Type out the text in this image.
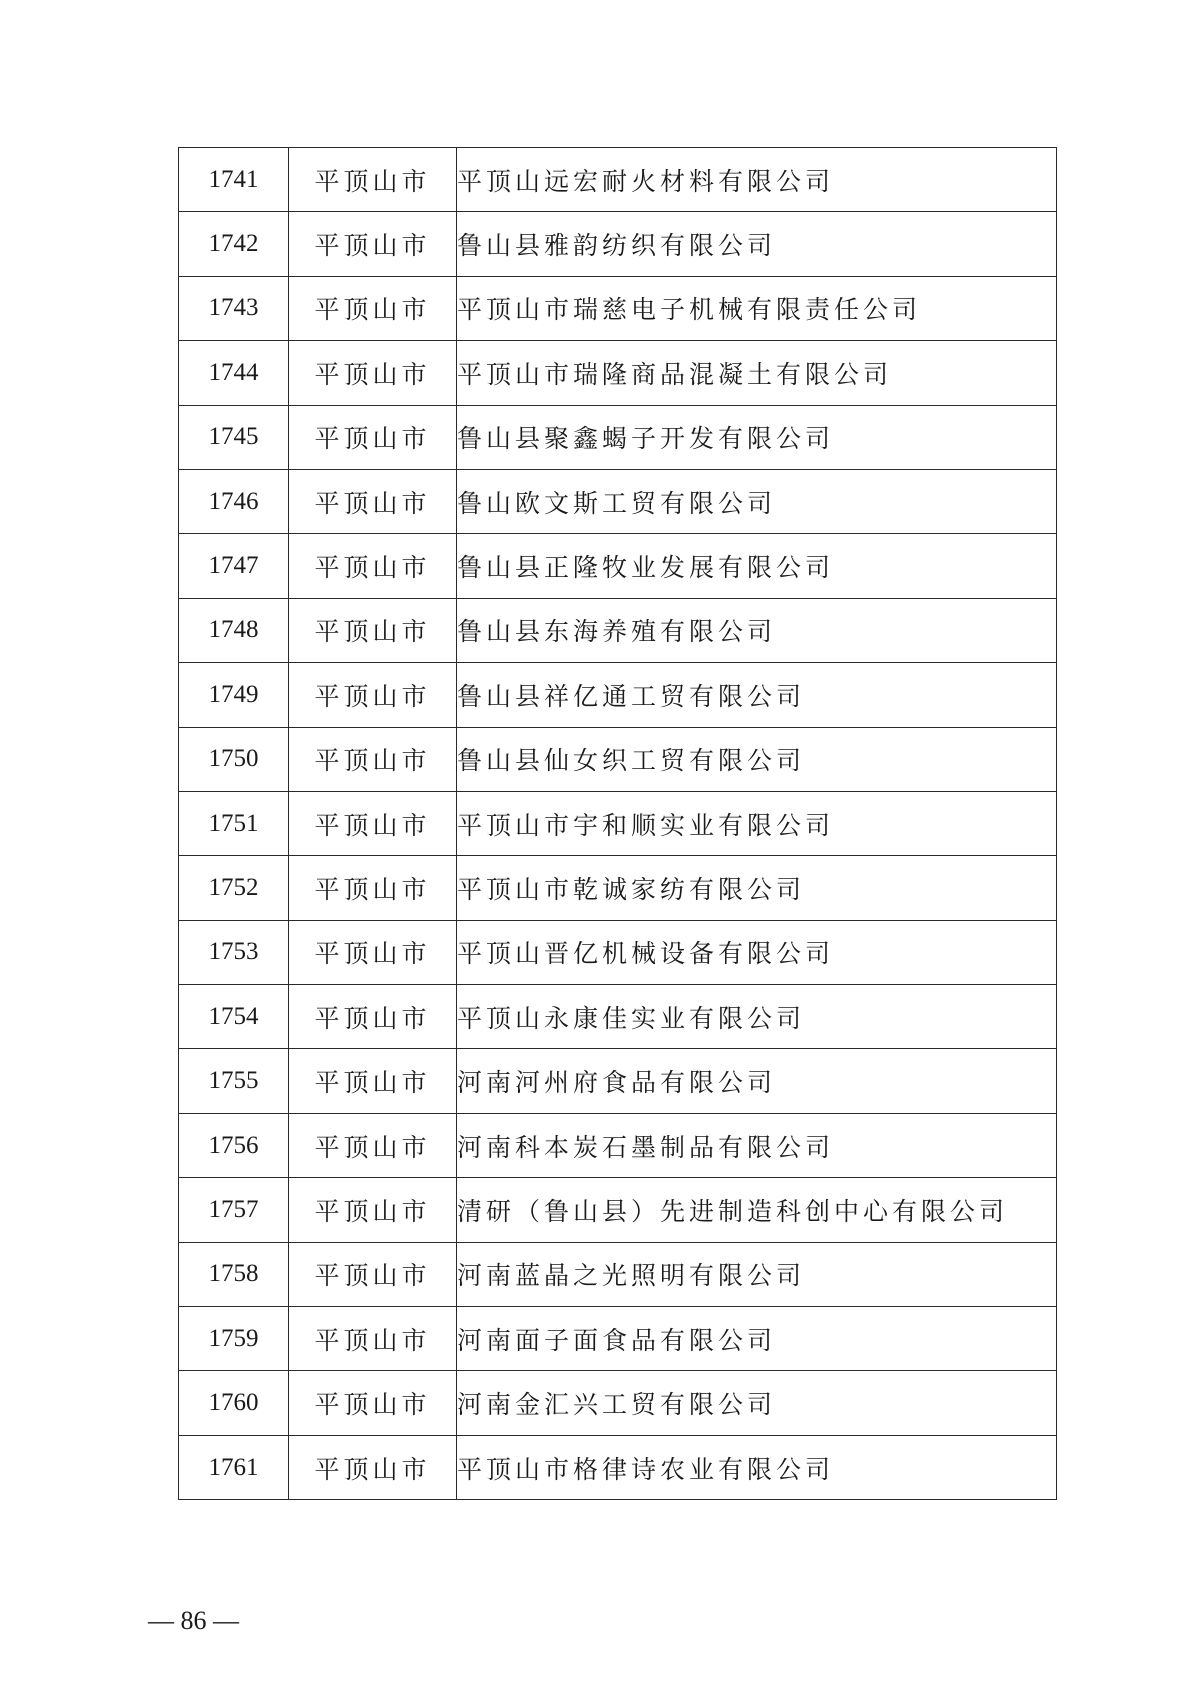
1741	平顶山市	平顶山远宏耐火材料有限公司
1742	平顶山市	鲁山县雅韵纺织有限公司
1743	平顶山市	平顶山市瑞慈电子机械有限责任公司
1744	平顶山市	平顶山市瑞隆商品混凝土有限公司
1745	平顶山市	鲁山县聚鑫蝎子开发有限公司
1746	平顶山市	鲁山欧文斯工贸有限公司
1747	平顶山市	鲁山县正隆牧业发展有限公司
1748	平顶山市	鲁山县东海养殖有限公司
1749	平顶山市	鲁山县祥亿通工贸有限公司
1750	平顶山市	鲁山县仙女织工贸有限公司
1751	平顶山市	平顶山市宇和顺实业有限公司
1752	平顶山市	平顶山市乾诚家纺有限公司
1753	平顶山市	平顶山晋亿机械设备有限公司
1754	平顶山市	平顶山永康佳实业有限公司
1755	平顶山市	河南河州府食品有限公司
1756	平顶山市	河南科本炭石墨制品有限公司
1757	平顶山市	清研（鲁山县）先进制造科创中心有限公司
1758	平顶山市	河南蓝晶之光照明有限公司
1759	平顶山市	河南面子面食品有限公司
1760	平顶山市	河南金汇兴工贸有限公司
1761	平顶山市	平顶山市格律诗农业有限公司
— 86 —
